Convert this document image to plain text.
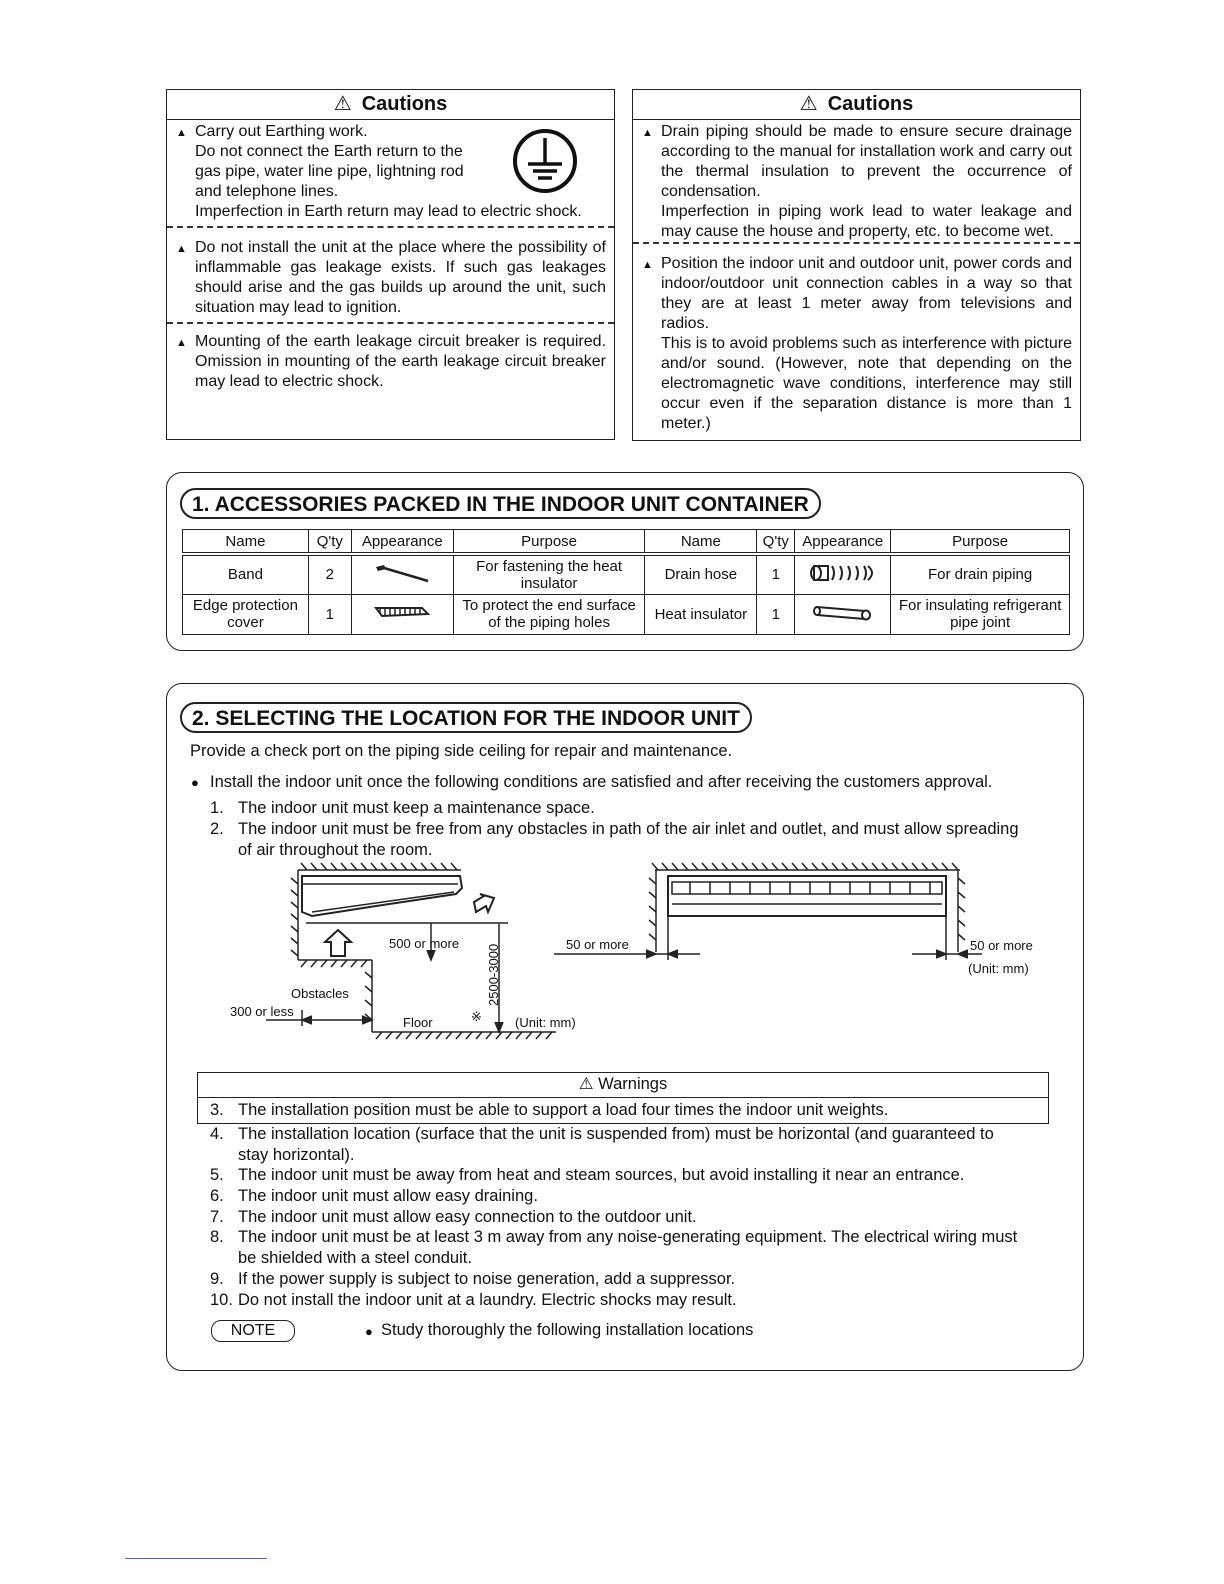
⚠ Cautions
▲ Carry out Earthing work.
Do not connect the Earth return to the
gas pipe, water line pipe, lightning rod
and telephone lines.
Imperfection in Earth return may lead to electric shock.
▲ Do not install the unit at the place where the possibility of inflammable gas leakage exists. If such gas leakages should arise and the gas builds up around the unit, such situation may lead to ignition.
▲ Mounting of the earth leakage circuit breaker is required. Omission in mounting of the earth leakage circuit breaker may lead to electric shock.
⚠ Cautions
▲ Drain piping should be made to ensure secure drainage according to the manual for installation work and carry out the thermal insulation to prevent the occurrence of condensation.
Imperfection in piping work lead to water leakage and may cause the house and property, etc. to become wet.
▲ Position the indoor unit and outdoor unit, power cords and indoor/outdoor unit connection cables in a way so that they are at least 1 meter away from televisions and radios.
This is to avoid problems such as interference with picture and/or sound. (However, note that depending on the electromagnetic wave conditions, interference may still occur even if the separation distance is more than 1 meter.)
1. ACCESSORIES PACKED IN THE INDOOR UNIT CONTAINER
Name	Q'ty	Appearance	Purpose	Name	Q'ty	Appearance	Purpose
Band	2		For fastening the heat insulator	Drain hose	1		For drain piping
Edge protection cover	1		To protect the end surface of the piping holes	Heat insulator	1		For insulating refrigerant pipe joint
2. SELECTING THE LOCATION FOR THE INDOOR UNIT
Provide a check port on the piping side ceiling for repair and maintenance.
● Install the indoor unit once the following conditions are satisfied and after receiving the customers approval.
1. The indoor unit must keep a maintenance space.
2. The indoor unit must be free from any obstacles in path of the air inlet and outlet, and must allow spreading
of air throughout the room.
500 or more
2500-3000
Obstacles
300 or less
Floor	※	(Unit: mm)
50 or more	50 or more
(Unit: mm)
⚠ Warnings
3. The installation position must be able to support a load four times the indoor unit weights.
4. The installation location (surface that the unit is suspended from) must be horizontal (and guaranteed to
stay horizontal).
5. The indoor unit must be away from heat and steam sources, but avoid installing it near an entrance.
6. The indoor unit must allow easy draining.
7. The indoor unit must allow easy connection to the outdoor unit.
8. The indoor unit must be at least 3 m away from any noise-generating equipment. The electrical wiring must
be shielded with a steel conduit.
9. If the power supply is subject to noise generation, add a suppressor.
10. Do not install the indoor unit at a laundry. Electric shocks may result.
NOTE	● Study thoroughly the following installation locations
